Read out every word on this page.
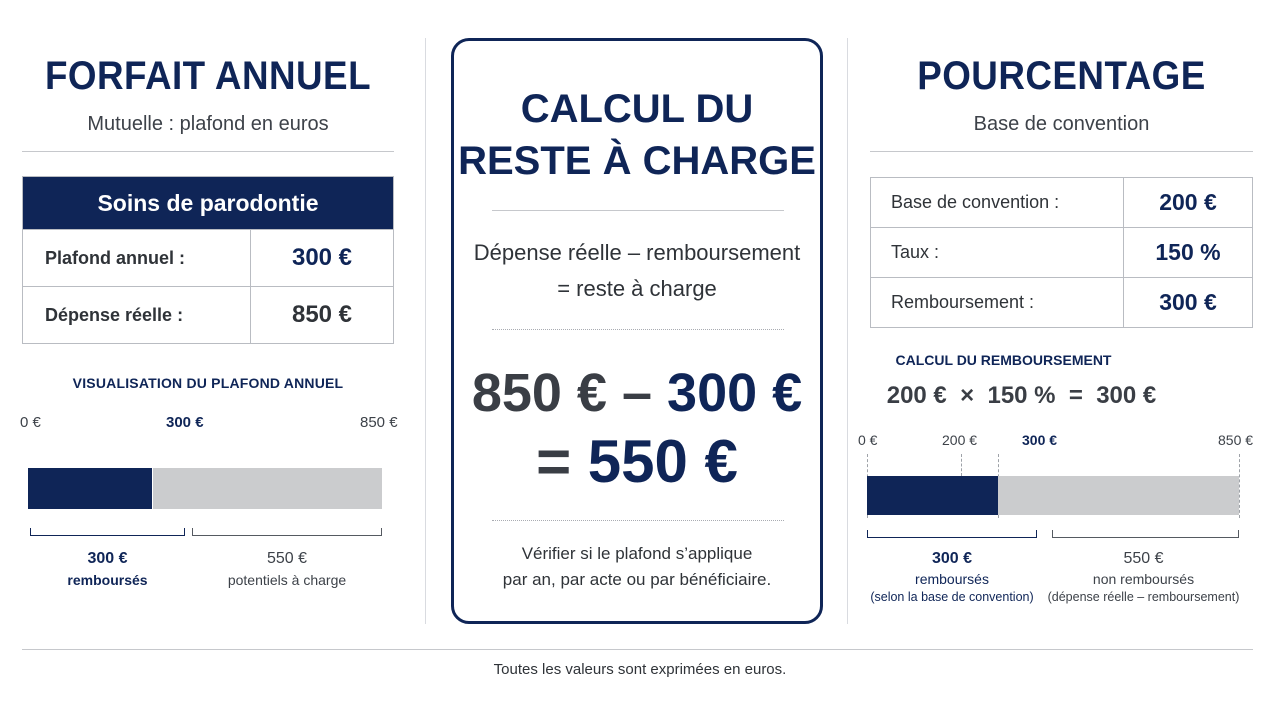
FORFAIT ANNUEL
Mutuelle : plafond en euros
Soins de parodontie
Plafond annuel :	300 €
Dépense réelle :	850 €
VISUALISATION DU PLAFOND ANNUEL
0 €	300 €	850 €
300 €
remboursés
550 €
potentiels à charge
CALCUL DU
RESTE À CHARGE
Dépense réelle – remboursement
= reste à charge
850 € – 300 €
= 550 €
Vérifier si le plafond s’applique
par an, par acte ou par bénéficiaire.
POURCENTAGE
Base de convention
Base de convention :	200 €
Taux :	150 %
Remboursement :	300 €
CALCUL DU REMBOURSEMENT
200 €  ×  150 %  =  300 €
0 €	200 €	300 €	850 €
300 €
remboursés
(selon la base de convention)
550 €
non remboursés
(dépense réelle – remboursement)
Toutes les valeurs sont exprimées en euros.
